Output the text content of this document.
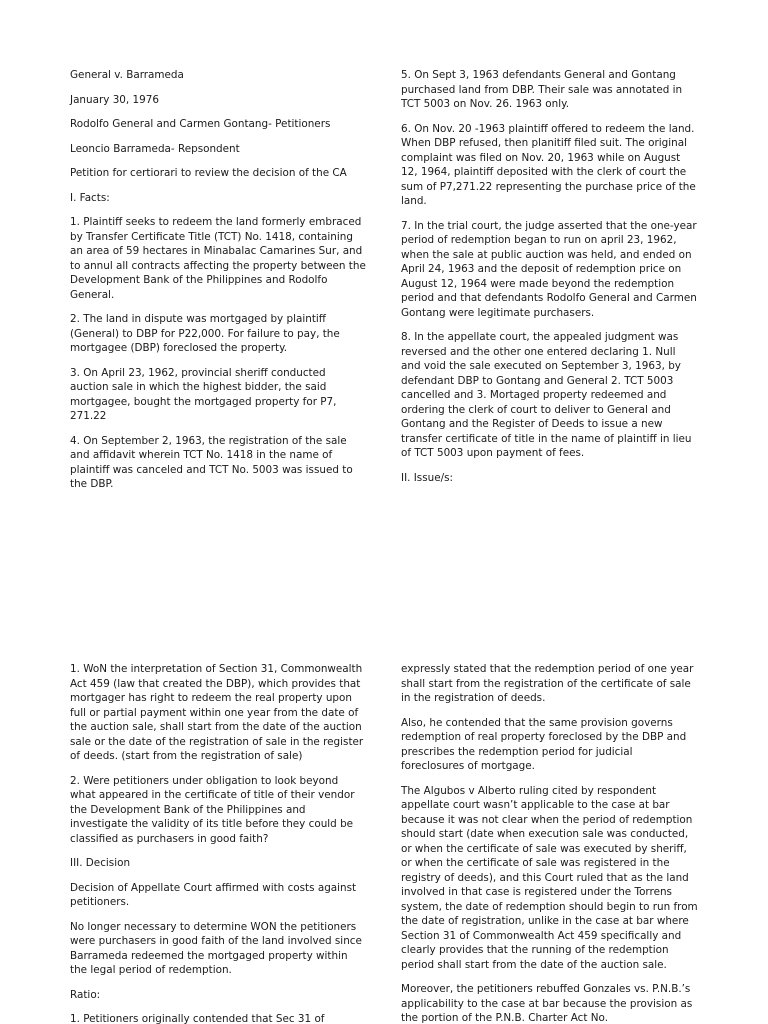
General v. Barrameda

January 30, 1976

Rodolfo General and Carmen Gontang- Petitioners

Leoncio Barrameda- Repsondent

Petition for certiorari to review the decision of the CA

I. Facts:

1. Plaintiff seeks to redeem the land formerly embraced by Transfer Certificate Title (TCT) No. 1418, containing an area of 59 hectares in Minabalac Camarines Sur, and to annul all contracts affecting the property between the Development Bank of the Philippines and Rodolfo General.

2. The land in dispute was mortgaged by plaintiff (General) to DBP for P22,000. For failure to pay, the mortgagee (DBP) foreclosed the property.

3. On April 23, 1962, provincial sheriff conducted auction sale in which the highest bidder, the said mortgagee, bought the mortgaged property for P7, 271.22

4. On September 2, 1963, the registration of the sale and affidavit wherein TCT No. 1418 in the name of plaintiff was canceled and TCT No. 5003 was issued to the DBP.

5. On Sept 3, 1963 defendants General and Gontang purchased land from DBP. Their sale was annotated in TCT 5003 on Nov. 26. 1963 only.

6. On Nov. 20 -1963 plaintiff offered to redeem the land. When DBP refused, then planitiff filed suit. The original complaint was filed on Nov. 20, 1963 while on August 12, 1964, plaintiff deposited with the clerk of court the sum of P7,271.22 representing the purchase price of the land.

7. In the trial court, the judge asserted that the one-year period of redemption began to run on april 23, 1962, when the sale at public auction was held, and ended on April 24, 1963 and the deposit of redemption price on August 12, 1964 were made beyond the redemption period and that defendants Rodolfo General and Carmen Gontang were legitimate purchasers.

8. In the appellate court, the appealed judgment was reversed and the other one entered declaring 1. Null and void the sale executed on September 3, 1963, by defendant DBP to Gontang and General 2. TCT 5003 cancelled and 3. Mortaged property redeemed and ordering the clerk of court to deliver to General and Gontang and the Register of Deeds to issue a new transfer certificate of title in the name of plaintiff in lieu of TCT 5003 upon payment of fees.

II. Issue/s:

1. WoN the interpretation of Section 31, Commonwealth Act 459 (law that created the DBP), which provides that mortgager has right to redeem the real property upon full or partial payment within one year from the date of the auction sale, shall start from the date of the auction sale or the date of the registration of sale in the register of deeds. (start from the registration of sale)

2. Were petitioners under obligation to look beyond what appeared in the certificate of title of their vendor the Development Bank of the Philippines and investigate the validity of its title before they could be classified as purchasers in good faith?

III. Decision

Decision of Appellate Court affirmed with costs against petitioners.

No longer necessary to determine WON the petitioners were purchasers in good faith of the land involved since Barrameda redeemed the mortgaged property within the legal period of redemption.

Ratio:

1. Petitioners originally contended that Sec 31 of

expressly stated that the redemption period of one year shall start from the registration of the certificate of sale in the registration of deeds.

Also, he contended that the same provision governs redemption of real property foreclosed by the DBP and prescribes the redemption period for judicial foreclosures of mortgage.

The Algubos v Alberto ruling cited by respondent appellate court wasn’t applicable to the case at bar because it was not clear when the period of redemption should start (date when execution sale was conducted, or when the certificate of sale was executed by sheriff, or when the certificate of sale was registered in the registry of deeds), and this Court ruled that as the land involved in that case is registered under the Torrens system, the date of redemption should begin to run from the date of registration, unlike in the case at bar where Section 31 of Commonwealth Act 459 specifically and clearly provides that the running of the redemption period shall start from the date of the auction sale.

Moreover, the petitioners rebuffed Gonzales vs. P.N.B.’s applicability to the case at bar because the provision as the portion of the P.N.B. Charter Act No.
